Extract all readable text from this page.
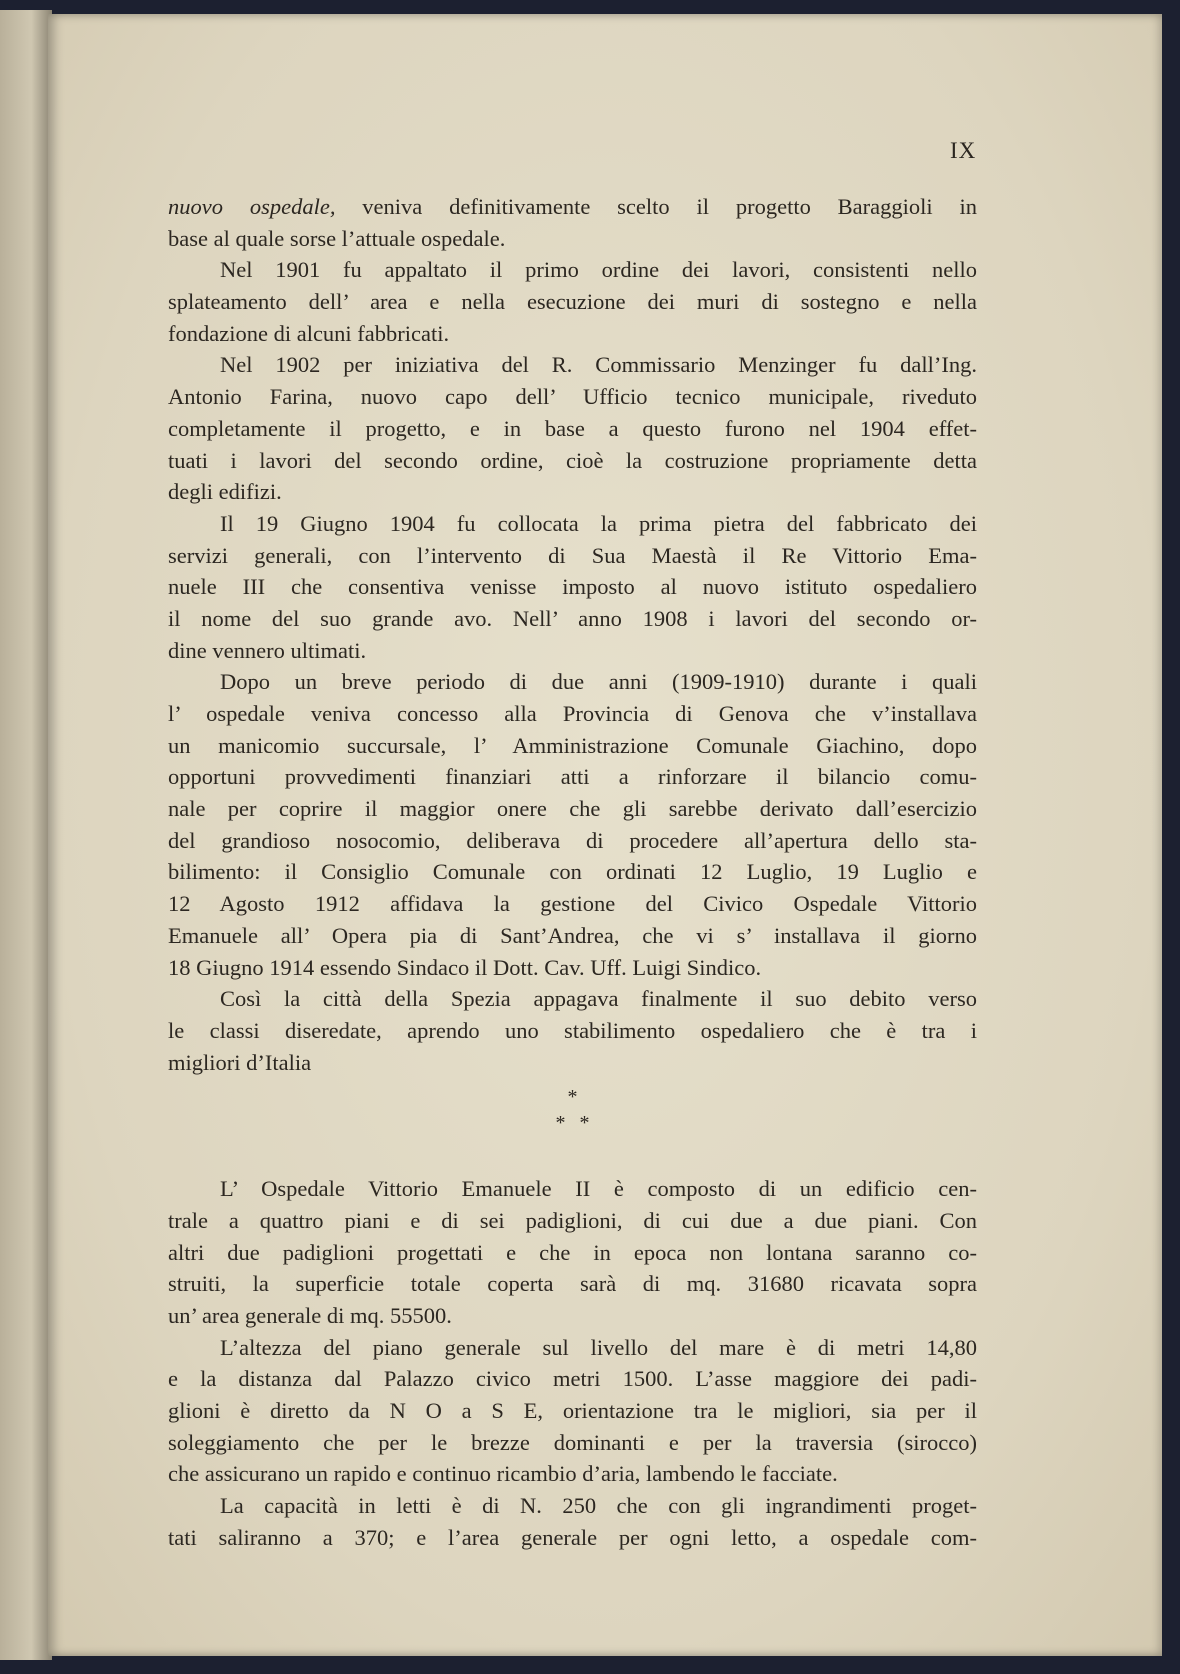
IX
nuovo ospedale, veniva definitivamente scelto il progetto Baraggioli in
base al quale sorse l’attuale ospedale.
Nel 1901 fu appaltato il primo ordine dei lavori, consistenti nello
splateamento dell’ area e nella esecuzione dei muri di sostegno e nella
fondazione di alcuni fabbricati.
Nel 1902 per iniziativa del R. Commissario Menzinger fu dall’Ing.
Antonio Farina, nuovo capo dell’ Ufficio tecnico municipale, riveduto
completamente il progetto, e in base a questo furono nel 1904 effet-
tuati i lavori del secondo ordine, cioè la costruzione propriamente detta
degli edifizi.
Il 19 Giugno 1904 fu collocata la prima pietra del fabbricato dei
servizi generali, con l’intervento di Sua Maestà il Re Vittorio Ema-
nuele III che consentiva venisse imposto al nuovo istituto ospedaliero
il nome del suo grande avo. Nell’ anno 1908 i lavori del secondo or-
dine vennero ultimati.
Dopo un breve periodo di due anni (1909-1910) durante i quali
l’ ospedale veniva concesso alla Provincia di Genova che v’installava
un manicomio succursale, l’ Amministrazione Comunale Giachino, dopo
opportuni provvedimenti finanziari atti a rinforzare il bilancio comu-
nale per coprire il maggior onere che gli sarebbe derivato dall’esercizio
del grandioso nosocomio, deliberava di procedere all’apertura dello sta-
bilimento: il Consiglio Comunale con ordinati 12 Luglio, 19 Luglio e
12 Agosto 1912 affidava la gestione del Civico Ospedale Vittorio
Emanuele all’ Opera pia di Sant’Andrea, che vi s’ installava il giorno
18 Giugno 1914 essendo Sindaco il Dott. Cav. Uff. Luigi Sindico.
Così la città della Spezia appagava finalmente il suo debito verso
le classi diseredate, aprendo uno stabilimento ospedaliero che è tra i
migliori d’Italia
*
**
L’ Ospedale Vittorio Emanuele II è composto di un edificio cen-
trale a quattro piani e di sei padiglioni, di cui due a due piani. Con
altri due padiglioni progettati e che in epoca non lontana saranno co-
struiti, la superficie totale coperta sarà di mq. 31680 ricavata sopra
un’ area generale di mq. 55500.
L’altezza del piano generale sul livello del mare è di metri 14,80
e la distanza dal Palazzo civico metri 1500. L’asse maggiore dei padi-
glioni è diretto da N O a S E, orientazione tra le migliori, sia per il
soleggiamento che per le brezze dominanti e per la traversia (sirocco)
che assicurano un rapido e continuo ricambio d’aria, lambendo le facciate.
La capacità in letti è di N. 250 che con gli ingrandimenti proget-
tati saliranno a 370; e l’area generale per ogni letto, a ospedale com-
